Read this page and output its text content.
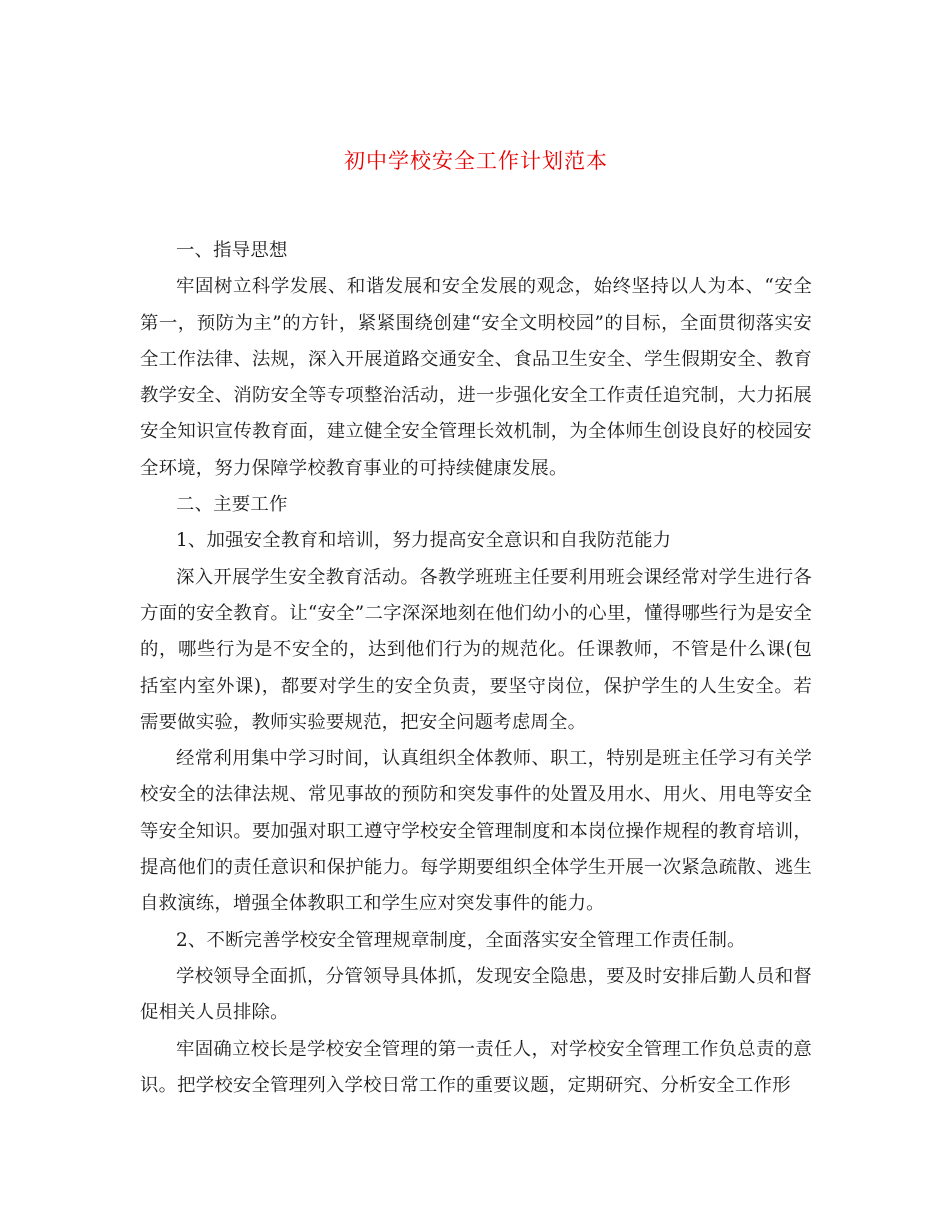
初中学校安全工作计划范本

一、指导思想

牢固树立科学发展、和谐发展和安全发展的观念，始终坚持以人为本、“安全第一，预防为主”的方针，紧紧围绕创建“安全文明校园”的目标，全面贯彻落实安全工作法律、法规，深入开展道路交通安全、食品卫生安全、学生假期安全、教育教学安全、消防安全等专项整治活动，进一步强化安全工作责任追究制，大力拓展安全知识宣传教育面，建立健全安全管理长效机制，为全体师生创设良好的校园安全环境，努力保障学校教育事业的可持续健康发展。

二、主要工作

1、加强安全教育和培训，努力提高安全意识和自我防范能力

深入开展学生安全教育活动。各教学班班主任要利用班会课经常对学生进行各方面的安全教育。让“安全”二字深深地刻在他们幼小的心里，懂得哪些行为是安全的，哪些行为是不安全的，达到他们行为的规范化。任课教师，不管是什么课(包括室内室外课)，都要对学生的安全负责，要坚守岗位，保护学生的人生安全。若需要做实验，教师实验要规范，把安全问题考虑周全。

经常利用集中学习时间，认真组织全体教师、职工，特别是班主任学习有关学校安全的法律法规、常见事故的预防和突发事件的处置及用水、用火、用电等安全等安全知识。要加强对职工遵守学校安全管理制度和本岗位操作规程的教育培训，提高他们的责任意识和保护能力。每学期要组织全体学生开展一次紧急疏散、逃生自救演练，增强全体教职工和学生应对突发事件的能力。

2、不断完善学校安全管理规章制度，全面落实安全管理工作责任制。

学校领导全面抓，分管领导具体抓，发现安全隐患，要及时安排后勤人员和督促相关人员排除。

牢固确立校长是学校安全管理的第一责任人，对学校安全管理工作负总责的意识。把学校安全管理列入学校日常工作的重要议题，定期研究、分析安全工作形
